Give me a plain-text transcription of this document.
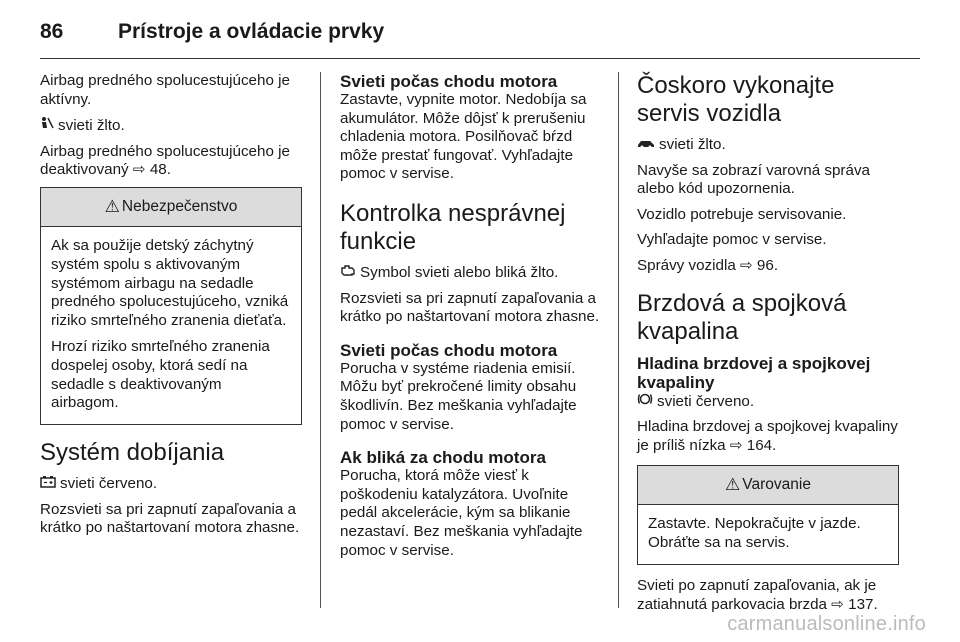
86	Prístroje a ovládacie prvky

Airbag predného spolucestujúceho je aktívny.

svieti žlto.

Airbag predného spolucestujúceho je deaktivovaný ⇨ 48.

⚠ Nebezpečenstvo

Ak sa použije detský záchytný systém spolu s aktivovaným systémom airbagu na sedadle predného spolucestujúceho, vzniká riziko smrteľného zranenia dieťaťa.

Hrozí riziko smrteľného zranenia dospelej osoby, ktorá sedí na sedadle s deaktivovaným airbagom.

Systém dobíjania

svieti červeno.

Rozsvieti sa pri zapnutí zapaľovania a krátko po naštartovaní motora zhasne.

Svieti počas chodu motora

Zastavte, vypnite motor. Nedobíja sa akumulátor. Môže dôjsť k prerušeniu chladenia motora. Posilňovač bŕzd môže prestať fungovať. Vyhľadajte pomoc v servise.

Kontrolka nesprávnej funkcie

Symbol svieti alebo bliká žlto.

Rozsvieti sa pri zapnutí zapaľovania a krátko po naštartovaní motora zhasne.

Svieti počas chodu motora

Porucha v systéme riadenia emisií. Môžu byť prekročené limity obsahu škodlivín. Bez meškania vyhľadajte pomoc v servise.

Ak bliká za chodu motora

Porucha, ktorá môže viesť k poškodeniu katalyzátora. Uvoľnite pedál akcelerácie, kým sa blikanie nezastaví. Bez meškania vyhľadajte pomoc v servise.

Čoskoro vykonajte servis vozidla

svieti žlto.

Navyše sa zobrazí varovná správa alebo kód upozornenia.

Vozidlo potrebuje servisovanie.

Vyhľadajte pomoc v servise.

Správy vozidla ⇨ 96.

Brzdová a spojková kvapalina
Hladina brzdovej a spojkovej kvapaliny

svieti červeno.

Hladina brzdovej a spojkovej kvapaliny je príliš nízka ⇨ 164.

⚠ Varovanie

Zastavte. Nepokračujte v jazde. Obráťte sa na servis.

Svieti po zapnutí zapaľovania, ak je zatiahnutá parkovacia brzda ⇨ 137.

carmanualsonline.info
